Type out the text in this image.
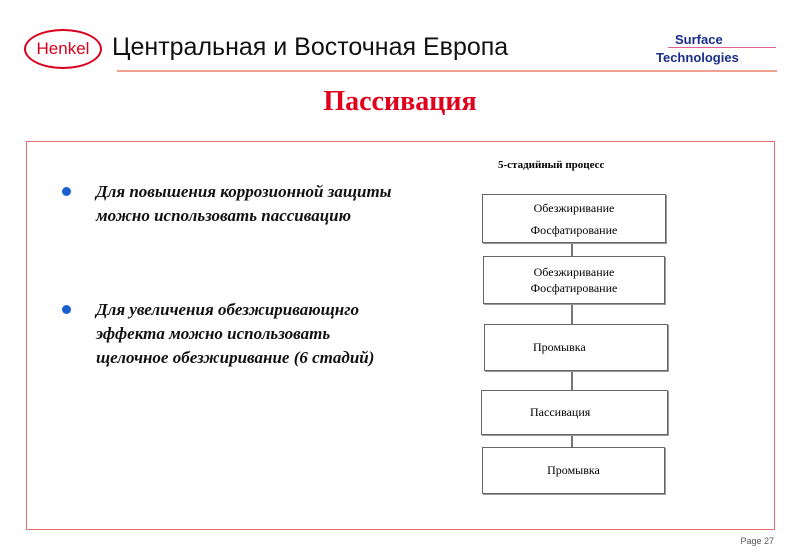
Henkel Центральная и Восточная Европа	Surface
Technologies
Пассивация
Для повышения коррозионной защиты можно использовать пассивацию
Для увеличения обезжиривающнго эффекта можно использовать щелочное обезжиривание (6 стадий)
5-стадийный процесс
Обезжиривание
Фосфатирование
Обезжиривание
Фосфатирование
Промывка
Пассивация
Промывка
Page 27
